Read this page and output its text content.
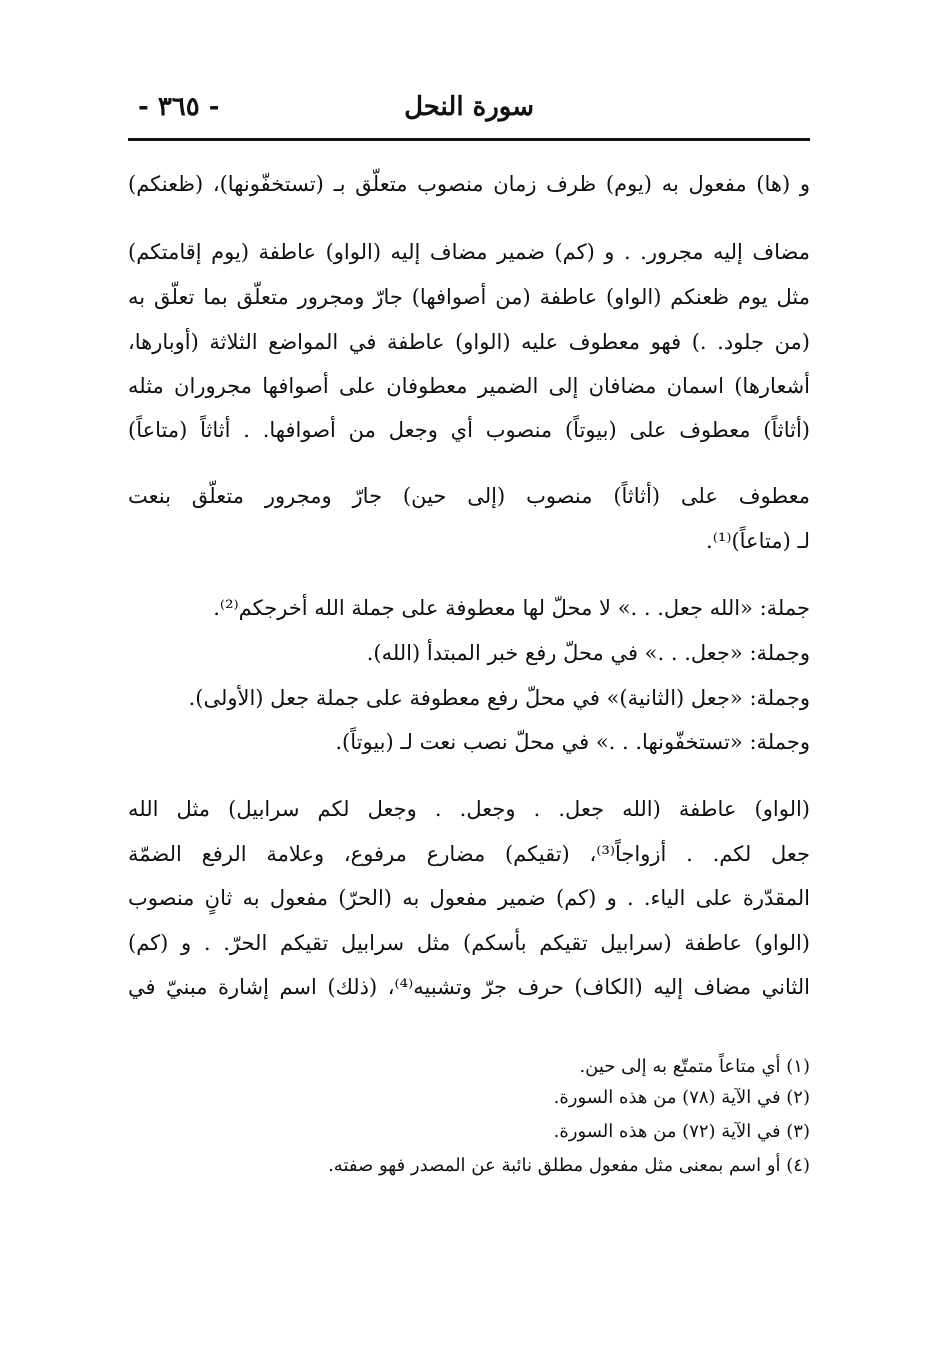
سورة النحل
- ٣٦٥ -
و (ها) مفعول به (يوم) ظرف زمان منصوب متعلّق بـ (تستخفّونها)، (ظعنكم)
مضاف إليه مجرور. . و (كم) ضمير مضاف إليه (الواو) عاطفة (يوم إقامتكم)
مثل يوم ظعنكم (الواو) عاطفة (من أصوافها) جارّ ومجرور متعلّق بما تعلّق به
(من جلود. .) فهو معطوف عليه (الواو) عاطفة في المواضع الثلاثة (أوبارها،
أشعارها) اسمان مضافان إلى الضمير معطوفان على أصوافها مجروران مثله
(أثاثاً) معطوف على (بيوتاً) منصوب أي وجعل من أصوافها. . أثاثاً (متاعاً)
معطوف على (أثاثاً) منصوب (إلى حين) جارّ ومجرور متعلّق بنعت
لـ (متاعاً)⁽¹⁾.
جملة: «الله جعل. . .» لا محلّ لها معطوفة على جملة الله أخرجكم⁽²⁾.
وجملة: «جعل. . .» في محلّ رفع خبر المبتدأ (الله).
وجملة: «جعل (الثانية)» في محلّ رفع معطوفة على جملة جعل (الأولى).
وجملة: «تستخفّونها. . .» في محلّ نصب نعت لـ (بيوتاً).
(الواو) عاطفة (الله جعل. . وجعل. . وجعل لكم سرابيل) مثل الله
جعل لكم. . أزواجاً⁽³⁾، (تقيكم) مضارع مرفوع، وعلامة الرفع الضمّة
المقدّرة على الياء. . و (كم) ضمير مفعول به (الحرّ) مفعول به ثانٍ منصوب
(الواو) عاطفة (سرابيل تقيكم بأسكم) مثل سرابيل تقيكم الحرّ. . و (كم)
الثاني مضاف إليه (الكاف) حرف جرّ وتشبيه⁽⁴⁾، (ذلك) اسم إشارة مبنيّ في
(١) أي متاعاً متمتّع به إلى حين.
(٢) في الآية (٧٨) من هذه السورة.
(٣) في الآية (٧٢) من هذه السورة.
(٤) أو اسم بمعنى مثل مفعول مطلق نائبة عن المصدر فهو صفته.
